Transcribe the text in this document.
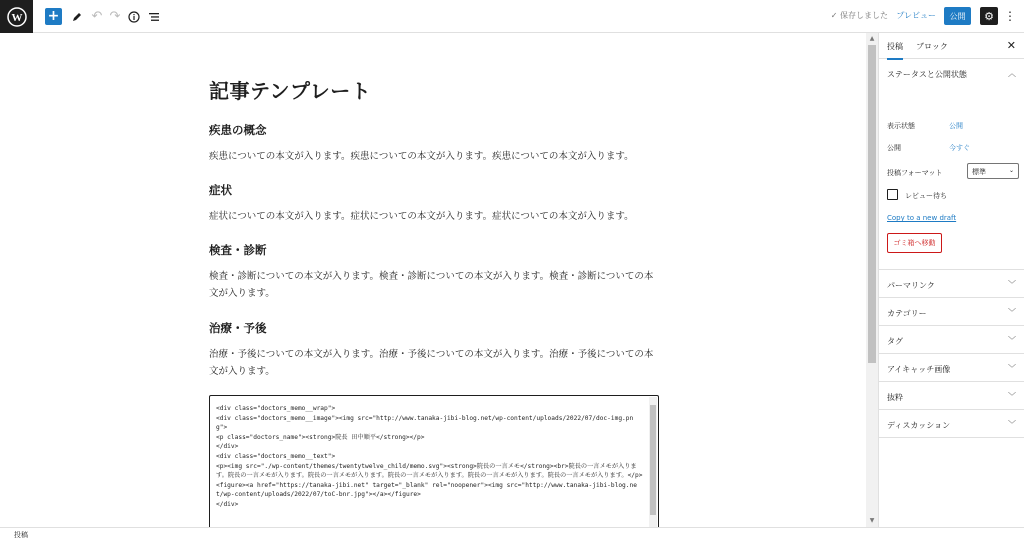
W + ↶ ↷	✓ 保存しました プレビュー	公開	⚙ ⋮
記事テンプレート
疾患の概念
疾患についての本文が入ります。疾患についての本文が入ります。疾患についての本文が入ります。
症状
症状についての本文が入ります。症状についての本文が入ります。症状についての本文が入ります。
検査・診断
検査・診断についての本文が入ります。検査・診断についての本文が入ります。検査・診断についての本文が入ります。
治療・予後
治療・予後についての本文が入ります。治療・予後についての本文が入ります。治療・予後についての本文が入ります。
<div class="doctors_memo__wrap">
<div class="doctors_memo__image"><img src="http://www.tanaka-jibi-blog.net/wp-content/uploads/2022/07/doc-img.png">
<p class="doctors_name"><strong>院長 田中順平</strong></p>
</div>
<div class="doctors_memo__text">
<p><img src="./wp-content/themes/twentytwelve_child/memo.svg"><strong>院長の一言メモ</strong><br>院長の一言メモが入ります。院長の一言メモが入ります。院長の一言メモが入ります。院長の一言メモが入ります。院長の一言メモが入ります。院長の一言メモが入ります。</p>
<figure><a href="https://tanaka-jibi.net" target="_blank" rel="noopener"><img src="http://www.tanaka-jibi-blog.net/wp-content/uploads/2022/07/toC-bnr.jpg"></a></figure>
</div>
▲
▼
投稿 ブロック	✕
ステータスと公開状態	︿
表示状態	公開
公開	今すぐ
投稿フォーマット	標準	⌄
レビュー待ち
Copy to a new draft
ゴミ箱へ移動
パーマリンク	﹀
カテゴリー	﹀
タグ	﹀
アイキャッチ画像	﹀
抜粋	﹀
ディスカッション	﹀
投稿
